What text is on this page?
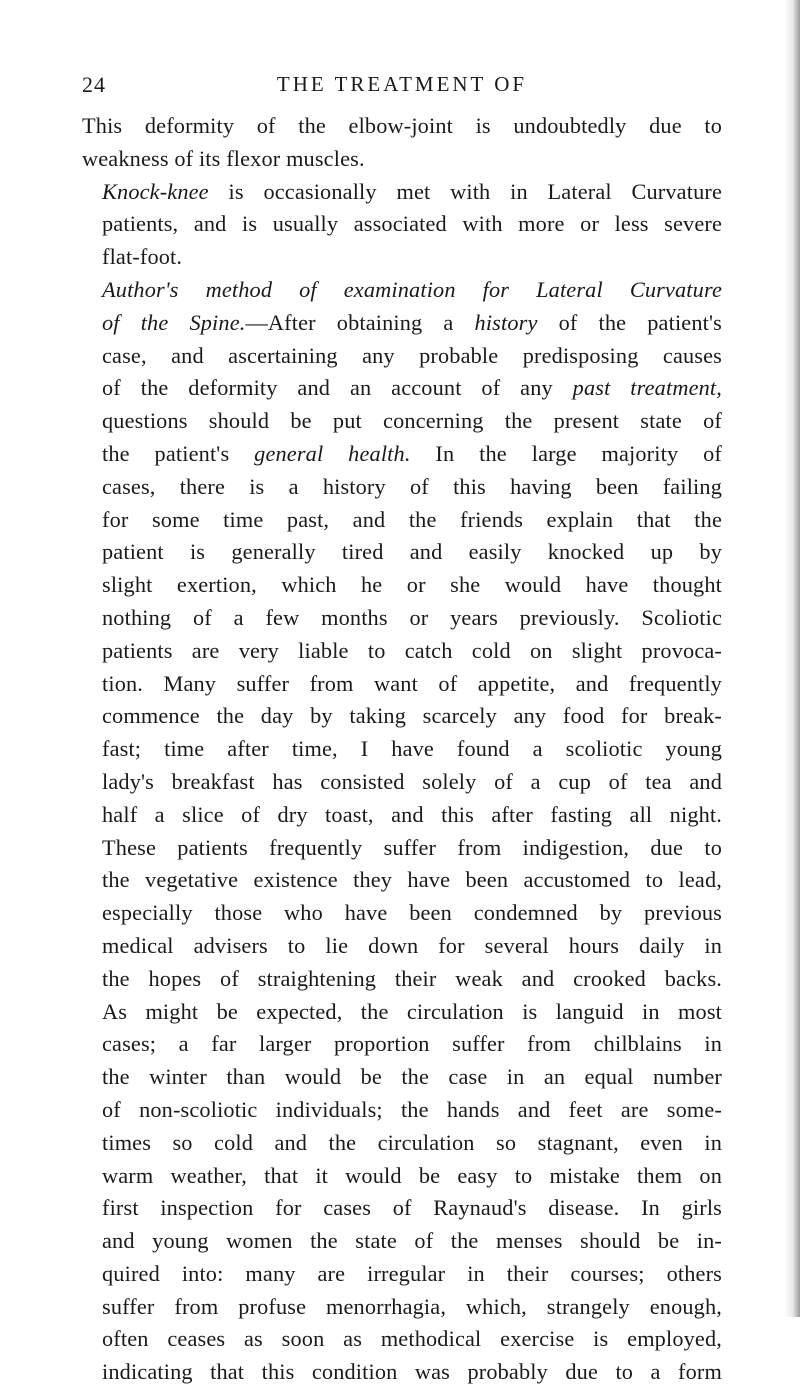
24	THE TREATMENT OF
This deformity of the elbow-joint is undoubtedly due to
weakness of its flexor muscles.
Knock-knee is occasionally met with in Lateral Curvature
patients, and is usually associated with more or less severe
flat-foot.
Author's method of examination for Lateral Curvature
of the Spine.—After obtaining a history of the patient's
case, and ascertaining any probable predisposing causes
of the deformity and an account of any past treatment,
questions should be put concerning the present state of
the patient's general health. In the large majority of
cases, there is a history of this having been failing
for some time past, and the friends explain that the
patient is generally tired and easily knocked up by
slight exertion, which he or she would have thought
nothing of a few months or years previously. Scoliotic
patients are very liable to catch cold on slight provoca-
tion. Many suffer from want of appetite, and frequently
commence the day by taking scarcely any food for break-
fast; time after time, I have found a scoliotic young
lady's breakfast has consisted solely of a cup of tea and
half a slice of dry toast, and this after fasting all night.
These patients frequently suffer from indigestion, due to
the vegetative existence they have been accustomed to lead,
especially those who have been condemned by previous
medical advisers to lie down for several hours daily in
the hopes of straightening their weak and crooked backs.
As might be expected, the circulation is languid in most
cases; a far larger proportion suffer from chilblains in
the winter than would be the case in an equal number
of non-scoliotic individuals; the hands and feet are some-
times so cold and the circulation so stagnant, even in
warm weather, that it would be easy to mistake them on
first inspection for cases of Raynaud's disease. In girls
and young women the state of the menses should be in-
quired into: many are irregular in their courses; others
suffer from profuse menorrhagia, which, strangely enough,
often ceases as soon as methodical exercise is employed,
indicating that this condition was probably due to a form
